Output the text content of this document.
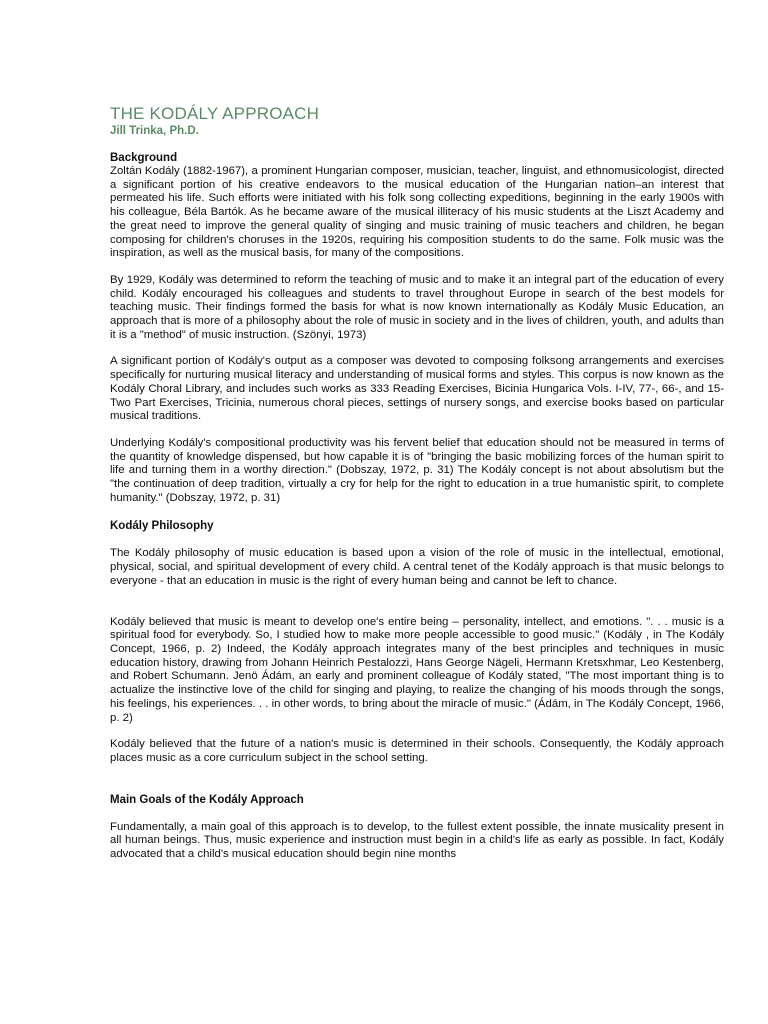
THE KODÁLY APPROACH
Jill Trinka, Ph.D.
Background

Zoltán Kodály (1882-1967), a prominent Hungarian composer, musician, teacher, linguist, and ethnomusicologist, directed a significant portion of his creative endeavors to the musical education of the Hungarian nation–an interest that permeated his life. Such efforts were initiated with his folk song collecting expeditions, beginning in the early 1900s with his colleague, Béla Bartók. As he became aware of the musical illiteracy of his music students at the Liszt Academy and the great need to improve the general quality of singing and music training of music teachers and children, he began composing for children's choruses in the 1920s, requiring his composition students to do the same. Folk music was the inspiration, as well as the musical basis, for many of the compositions.

By 1929, Kodály was determined to reform the teaching of music and to make it an integral part of the education of every child. Kodály encouraged his colleagues and students to travel throughout Europe in search of the best models for teaching music. Their findings formed the basis for what is now known internationally as Kodály Music Education, an approach that is more of a philosophy about the role of music in society and in the lives of children, youth, and adults than it is a "method" of music instruction. (Szönyi, 1973)

A significant portion of Kodály's output as a composer was devoted to composing folksong arrangements and exercises specifically for nurturing musical literacy and understanding of musical forms and styles. This corpus is now known as the Kodály Choral Library, and includes such works as 333 Reading Exercises, Bicinia Hungarica Vols. I-IV, 77-, 66-, and 15-Two Part Exercises, Tricinia, numerous choral pieces, settings of nursery songs, and exercise books based on particular musical traditions.

Underlying Kodály's compositional productivity was his fervent belief that education should not be measured in terms of the quantity of knowledge dispensed, but how capable it is of "bringing the basic mobilizing forces of the human spirit to life and turning them in a worthy direction." (Dobszay, 1972, p. 31) The Kodály concept is not about absolutism but the "the continuation of deep tradition, virtually a cry for help for the right to education in a true humanistic spirit, to complete humanity." (Dobszay, 1972, p. 31)

Kodály Philosophy

The Kodály philosophy of music education is based upon a vision of the role of music in the intellectual, emotional, physical, social, and spiritual development of every child. A central tenet of the Kodály approach is that music belongs to everyone - that an education in music is the right of every human being and cannot be left to chance.

Kodály believed that music is meant to develop one's entire being – personality, intellect, and emotions. ". . . music is a spiritual food for everybody. So, I studied how to make more people accessible to good music." (Kodály , in The Kodály Concept, 1966, p. 2) Indeed, the Kodály approach integrates many of the best principles and techniques in music education history, drawing from Johann Heinrich Pestalozzi, Hans George Nägeli, Hermann Kretsxhmar, Leo Kestenberg, and Robert Schumann. Jenö Ádám, an early and prominent colleague of Kodály stated, "The most important thing is to actualize the instinctive love of the child for singing and playing, to realize the changing of his moods through the songs, his feelings, his experiences. . . in other words, to bring about the miracle of music." (Ádám, in The Kodály Concept, 1966, p. 2)

Kodály believed that the future of a nation's music is determined in their schools. Consequently, the Kodály approach places music as a core curriculum subject in the school setting.

Main Goals of the Kodály Approach

Fundamentally, a main goal of this approach is to develop, to the fullest extent possible, the innate musicality present in all human beings. Thus, music experience and instruction must begin in a child's life as early as possible. In fact, Kodály advocated that a child's musical education should begin nine months
